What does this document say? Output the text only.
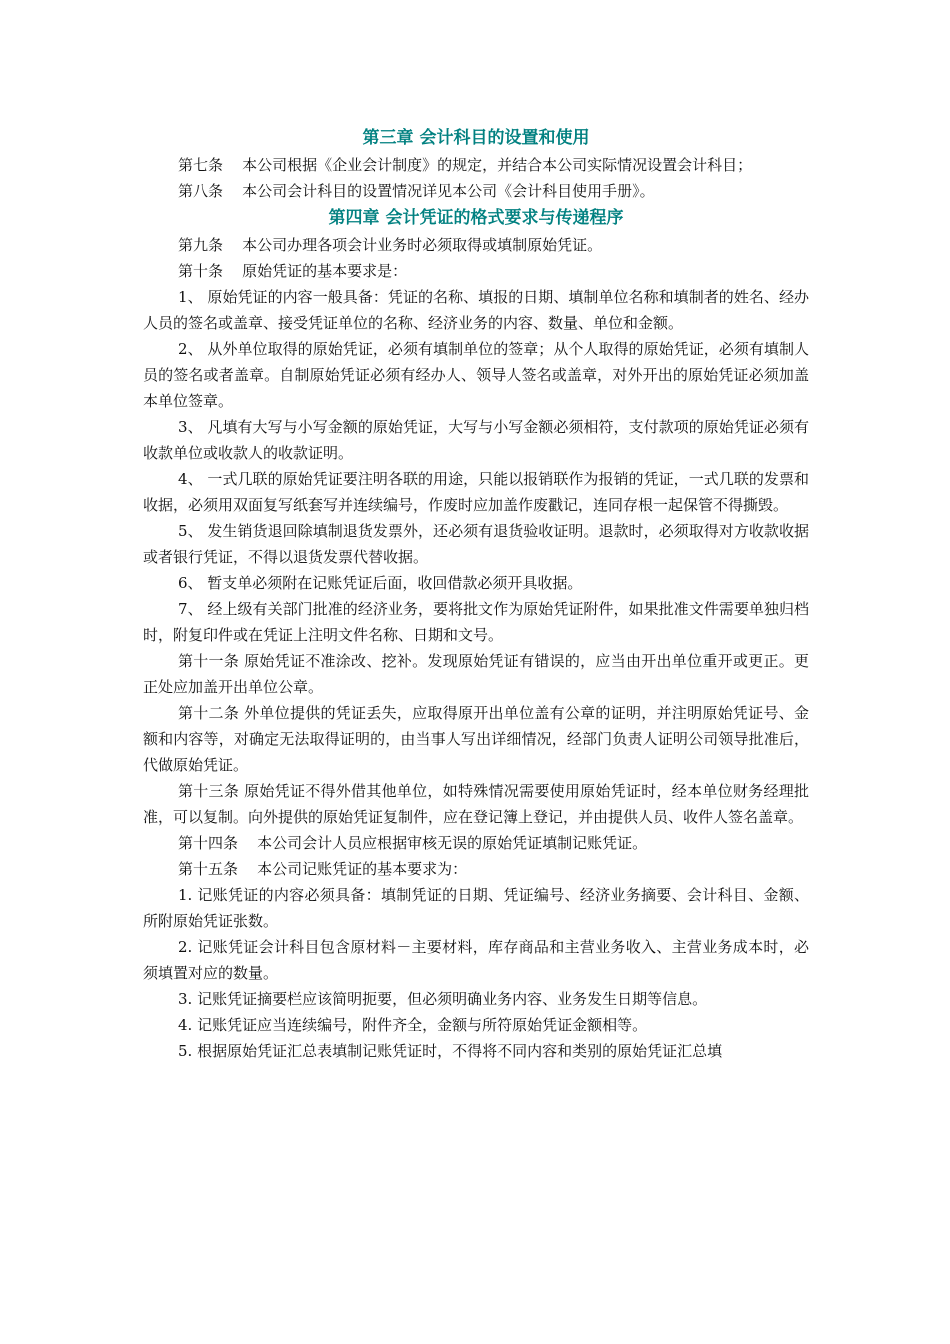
第三章 会计科目的设置和使用

第七条    本公司根据《企业会计制度》的规定，并结合本公司实际情况设置会计科目；

第八条    本公司会计科目的设置情况详见本公司《会计科目使用手册》。

第四章 会计凭证的格式要求与传递程序

第九条    本公司办理各项会计业务时必须取得或填制原始凭证。

第十条    原始凭证的基本要求是：

1、 原始凭证的内容一般具备：凭证的名称、填报的日期、填制单位名称和填制者的姓名、经办人员的签名或盖章、接受凭证单位的名称、经济业务的内容、数量、单位和金额。

2、 从外单位取得的原始凭证，必须有填制单位的签章；从个人取得的原始凭证，必须有填制人员的签名或者盖章。自制原始凭证必须有经办人、领导人签名或盖章，对外开出的原始凭证必须加盖本单位签章。

3、 凡填有大写与小写金额的原始凭证，大写与小写金额必须相符，支付款项的原始凭证必须有收款单位或收款人的收款证明。

4、 一式几联的原始凭证要注明各联的用途，只能以报销联作为报销的凭证，一式几联的发票和收据，必须用双面复写纸套写并连续编号，作废时应加盖作废戳记，连同存根一起保管不得撕毁。

5、 发生销货退回除填制退货发票外，还必须有退货验收证明。退款时，必须取得对方收款收据或者银行凭证，不得以退货发票代替收据。

6、 暂支单必须附在记账凭证后面，收回借款必须开具收据。

7、 经上级有关部门批准的经济业务，要将批文作为原始凭证附件，如果批准文件需要单独归档时，附复印件或在凭证上注明文件名称、日期和文号。

第十一条 原始凭证不准涂改、挖补。发现原始凭证有错误的，应当由开出单位重开或更正。更正处应加盖开出单位公章。

第十二条 外单位提供的凭证丢失，应取得原开出单位盖有公章的证明，并注明原始凭证号、金额和内容等，对确定无法取得证明的，由当事人写出详细情况，经部门负责人证明公司领导批准后，代做原始凭证。

第十三条 原始凭证不得外借其他单位，如特殊情况需要使用原始凭证时，经本单位财务经理批准，可以复制。向外提供的原始凭证复制件，应在登记簿上登记，并由提供人员、收件人签名盖章。

第十四条    本公司会计人员应根据审核无误的原始凭证填制记账凭证。

第十五条    本公司记账凭证的基本要求为：

1. 记账凭证的内容必须具备：填制凭证的日期、凭证编号、经济业务摘要、会计科目、金额、所附原始凭证张数。

2. 记账凭证会计科目包含原材料－主要材料，库存商品和主营业务收入、主营业务成本时，必须填置对应的数量。

3. 记账凭证摘要栏应该简明扼要，但必须明确业务内容、业务发生日期等信息。

4. 记账凭证应当连续编号，附件齐全，金额与所符原始凭证金额相等。

5. 根据原始凭证汇总表填制记账凭证时，不得将不同内容和类别的原始凭证汇总填
